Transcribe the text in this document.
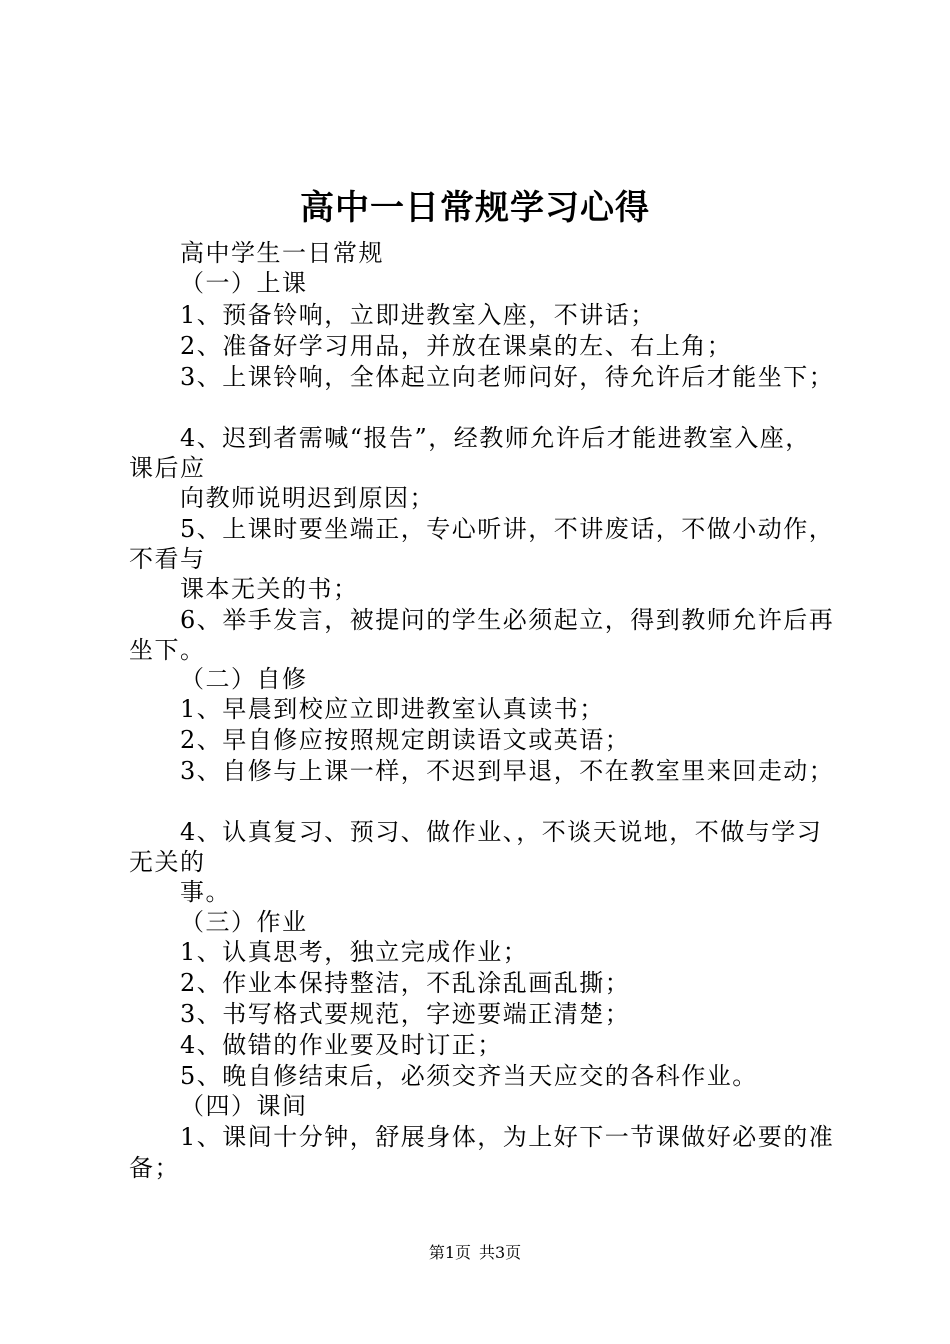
高中一日常规学习心得
高中学生一日常规
（一）上课
1、预备铃响，立即进教室入座，不讲话；
2、准备好学习用品，并放在课桌的左、右上角；
3、上课铃响，全体起立向老师问好，待允许后才能坐下；
4、迟到者需喊“报告”，经教师允许后才能进教室入座，
课后应
向教师说明迟到原因；
5、上课时要坐端正，专心听讲，不讲废话，不做小动作，
不看与
课本无关的书；
6、举手发言，被提问的学生必须起立，得到教师允许后再
坐下。
（二）自修
1、早晨到校应立即进教室认真读书；
2、早自修应按照规定朗读语文或英语；
3、自修与上课一样，不迟到早退，不在教室里来回走动；
4、认真复习、预习、做作业、，不谈天说地，不做与学习
无关的
事。
（三）作业
1、认真思考，独立完成作业；
2、作业本保持整洁，不乱涂乱画乱撕；
3、书写格式要规范，字迹要端正清楚；
4、做错的作业要及时订正；
5、晚自修结束后，必须交齐当天应交的各科作业。
（四）课间
1、课间十分钟，舒展身体，为上好下一节课做好必要的准
备；
第1页 共3页
